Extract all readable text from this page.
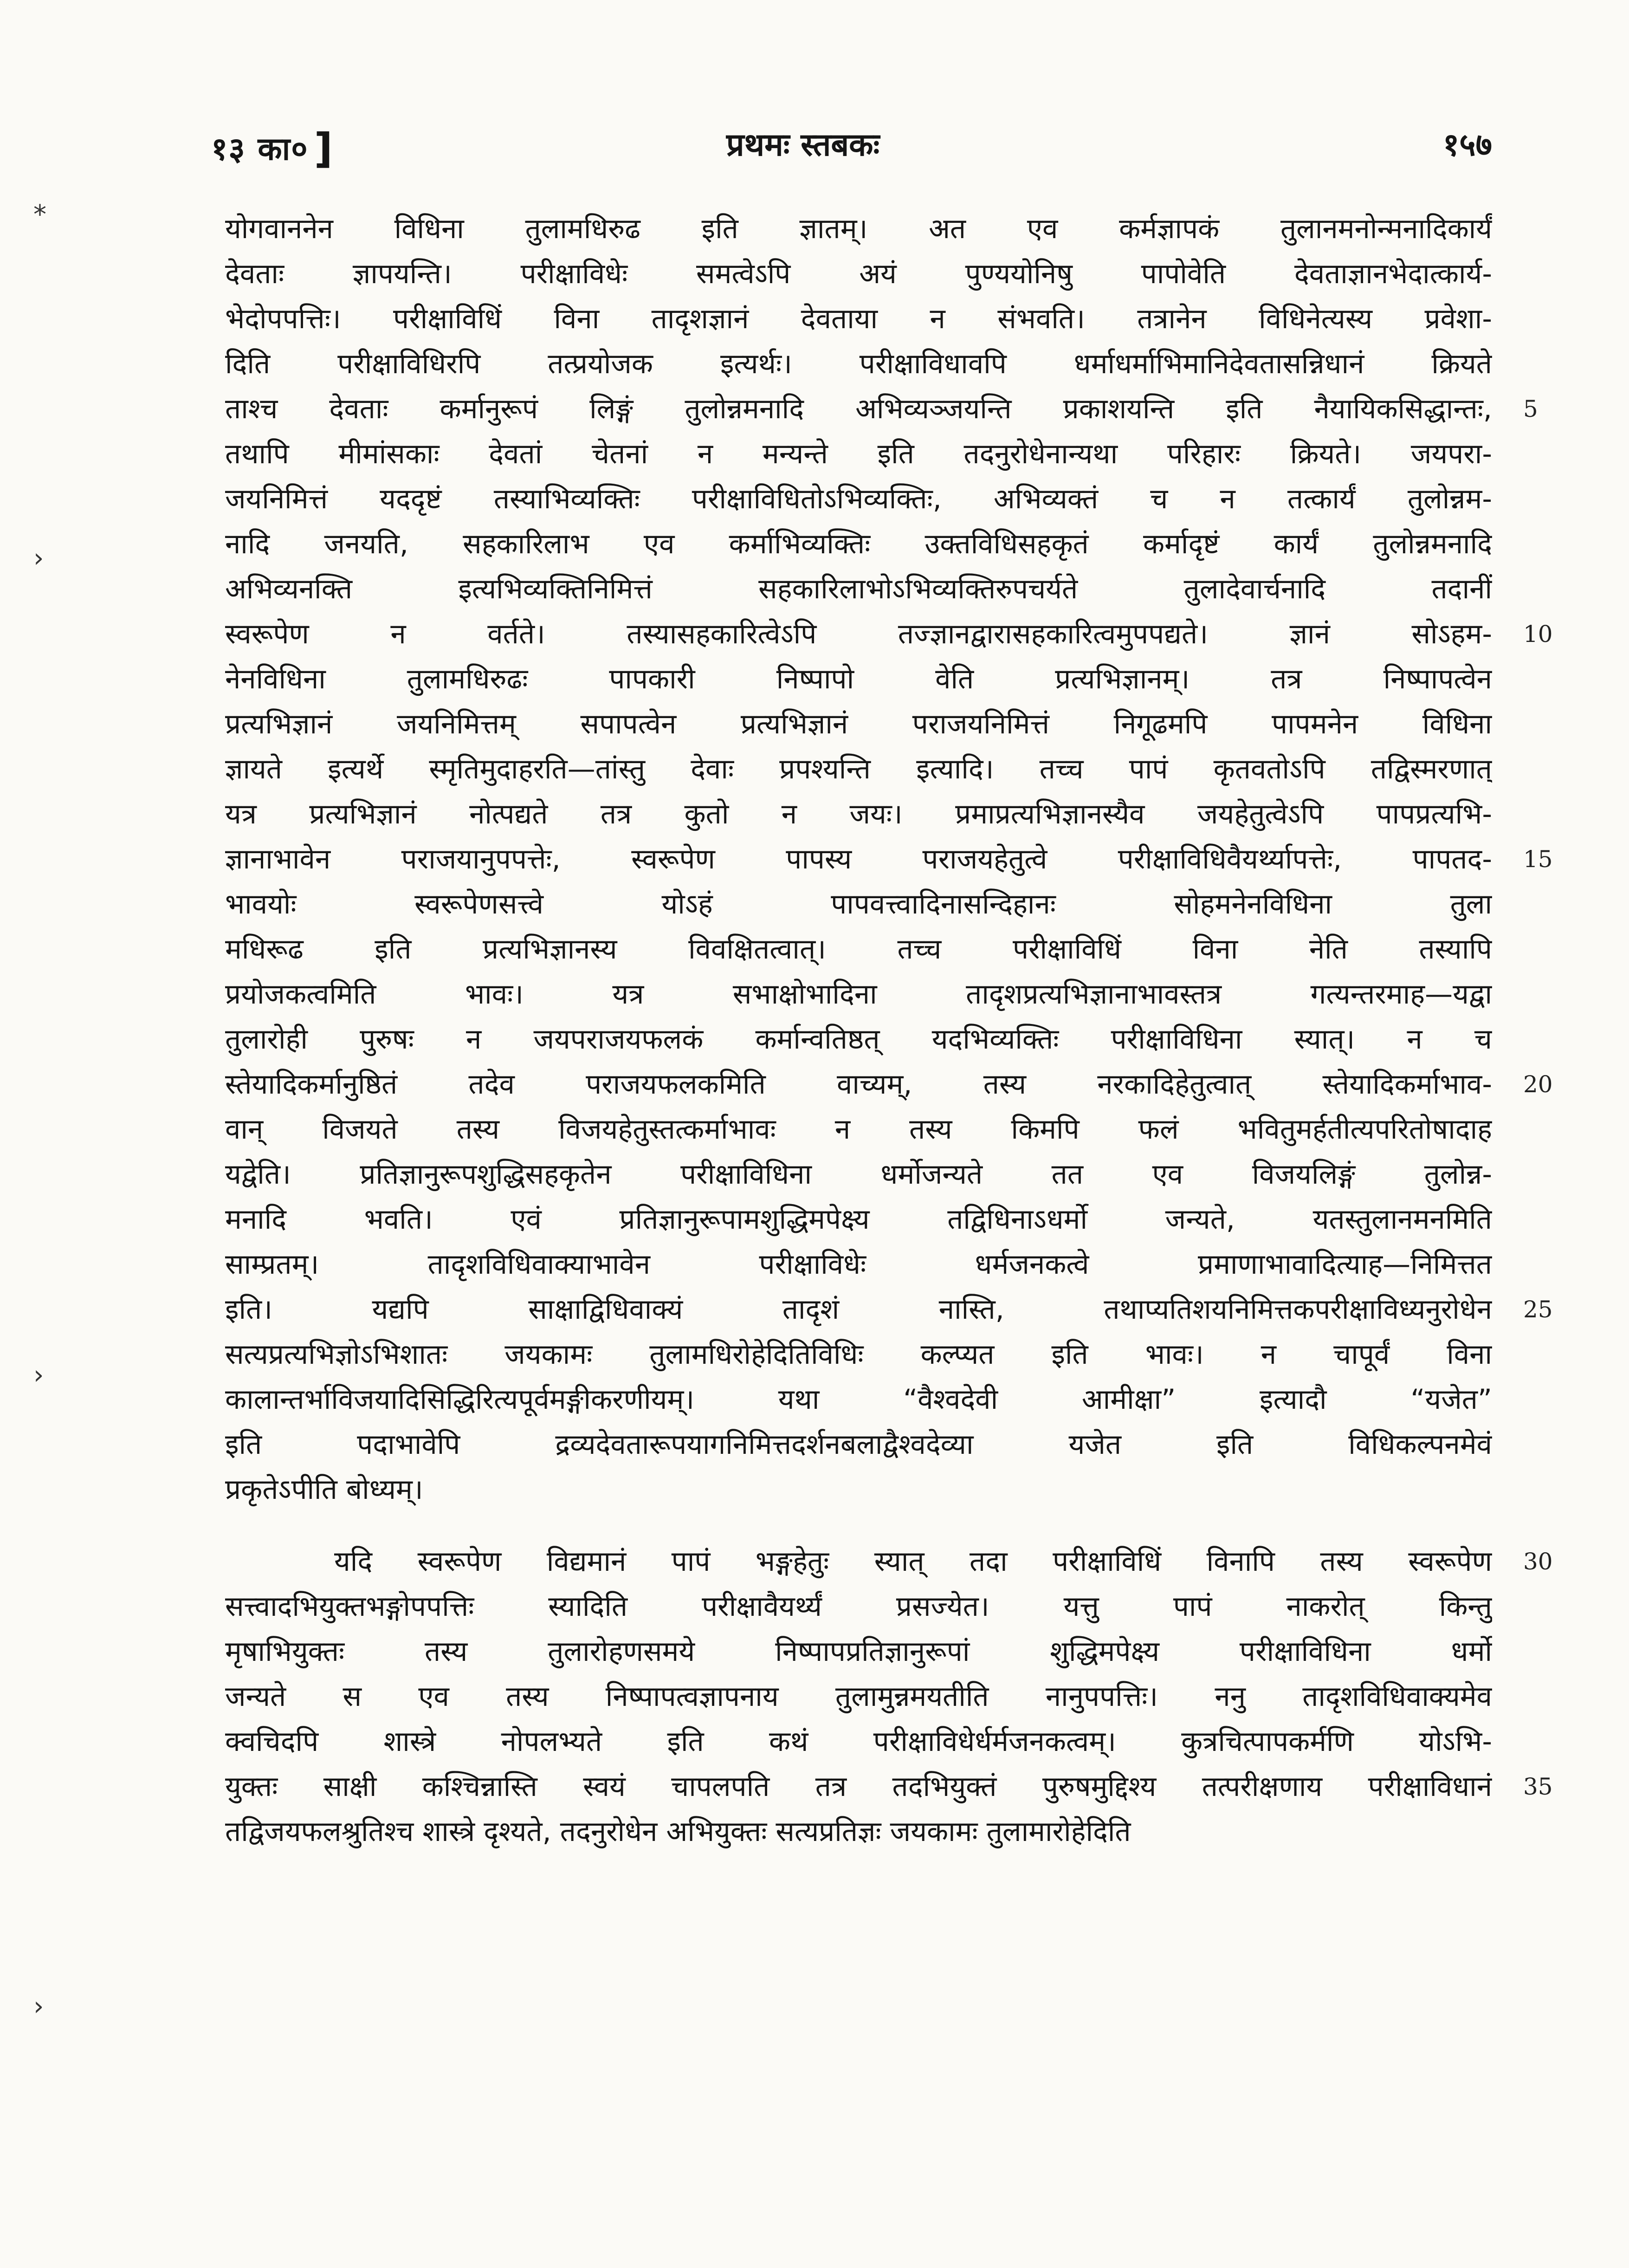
१३ का० ]	प्रथमः स्तबकः	१५७
योगवाननेन विधिना तुलामधिरुढ इति ज्ञातम्। अत एव कर्मज्ञापकं तुलानमनोन्मनादिकार्यं
देवताः ज्ञापयन्ति। परीक्षाविधेः समत्वेऽपि अयं पुण्ययोनिषु पापोवेति देवताज्ञानभेदात्कार्य-
भेदोपपत्तिः। परीक्षाविधिं विना तादृशज्ञानं देवताया न संभवति। तत्रानेन विधिनेत्यस्य प्रवेशा-
दिति परीक्षाविधिरपि तत्प्रयोजक इत्यर्थः। परीक्षाविधावपि धर्माधर्माभिमानिदेवतासन्निधानं क्रियते
ताश्च देवताः कर्मानुरूपं लिङ्गं तुलोन्नमनादि अभिव्यञ्जयन्ति प्रकाशयन्ति इति नैयायिकसिद्धान्तः,
तथापि मीमांसकाः देवतां चेतनां न मन्यन्ते इति तदनुरोधेनान्यथा परिहारः क्रियते। जयपरा-
जयनिमित्तं यददृष्टं तस्याभिव्यक्तिः परीक्षाविधितोऽभिव्यक्तिः, अभिव्यक्तं च न तत्कार्यं तुलोन्नम-
नादि जनयति, सहकारिलाभ एव कर्माभिव्यक्तिः उक्तविधिसहकृतं कर्मादृष्टं कार्यं तुलोन्नमनादि
अभिव्यनक्ति इत्यभिव्यक्तिनिमित्तं सहकारिलाभोऽभिव्यक्तिरुपचर्यते तुलादेवार्चनादि तदानीं
स्वरूपेण न वर्तते। तस्यासहकारित्वेऽपि तज्ज्ञानद्वारासहकारित्वमुपपद्यते। ज्ञानं सोऽहम-
नेनविधिना तुलामधिरुढः पापकारी निष्पापो वेति प्रत्यभिज्ञानम्। तत्र निष्पापत्वेन
प्रत्यभिज्ञानं जयनिमित्तम् सपापत्वेन प्रत्यभिज्ञानं पराजयनिमित्तं निगूढमपि पापमनेन विधिना
ज्ञायते इत्यर्थे स्मृतिमुदाहरति—तांस्तु देवाः प्रपश्यन्ति इत्यादि। तच्च पापं कृतवतोऽपि तद्विस्मरणात्
यत्र प्रत्यभिज्ञानं नोत्पद्यते तत्र कुतो न जयः। प्रमाप्रत्यभिज्ञानस्यैव जयहेतुत्वेऽपि पापप्रत्यभि-
ज्ञानाभावेन पराजयानुपपत्तेः, स्वरूपेण पापस्य पराजयहेतुत्वे परीक्षाविधिवैयर्थ्यापत्तेः, पापतद-
भावयोः स्वरूपेणसत्त्वे योऽहं पापवत्त्वादिनासन्दिहानः सोहमनेनविधिना तुला
मधिरूढ इति प्रत्यभिज्ञानस्य विवक्षितत्वात्। तच्च परीक्षाविधिं विना नेति तस्यापि
प्रयोजकत्वमिति भावः। यत्र सभाक्षोभादिना तादृशप्रत्यभिज्ञानाभावस्तत्र गत्यन्तरमाह—यद्वा
तुलारोही पुरुषः न जयपराजयफलकं कर्मान्वतिष्ठत् यदभिव्यक्तिः परीक्षाविधिना स्यात्। न च
स्तेयादिकर्मानुष्ठितं तदेव पराजयफलकमिति वाच्यम्, तस्य नरकादिहेतुत्वात् स्तेयादिकर्माभाव-
वान् विजयते तस्य विजयहेतुस्तत्कर्माभावः न तस्य किमपि फलं भवितुमर्हतीत्यपरितोषादाह
यद्वेति। प्रतिज्ञानुरूपशुद्धिसहकृतेन परीक्षाविधिना धर्मोजन्यते तत एव विजयलिङ्गं तुलोन्न-
मनादि भवति। एवं प्रतिज्ञानुरूपामशुद्धिमपेक्ष्य तद्विधिनाऽधर्मो जन्यते, यतस्तुलानमनमिति
साम्प्रतम्। तादृशविधिवाक्याभावेन परीक्षाविधेः धर्मजनकत्वे प्रमाणाभावादित्याह—निमित्तत
इति। यद्यपि साक्षाद्विधिवाक्यं तादृशं नास्ति, तथाप्यतिशयनिमित्तकपरीक्षाविध्यनुरोधेन
सत्यप्रत्यभिज्ञोऽभिशातः जयकामः तुलामधिरोहेदितिविधिः कल्प्यत इति भावः। न चापूर्वं विना
कालान्तर्भाविजयादिसिद्धिरित्यपूर्वमङ्गीकरणीयम्। यथा “वैश्वदेवी आमीक्षा” इत्यादौ “यजेत”
इति पदाभावेपि द्रव्यदेवतारूपयागनिमित्तदर्शनबलाद्वैश्वदेव्या यजेत इति विधिकल्पनमेवं
प्रकृतेऽपीति बोध्यम्।
यदि स्वरूपेण विद्यमानं पापं भङ्गहेतुः स्यात् तदा परीक्षाविधिं विनापि तस्य स्वरूपेण
सत्त्वादभियुक्तभङ्गोपपत्तिः स्यादिति परीक्षावैयर्थ्यं प्रसज्येत। यत्तु पापं नाकरोत् किन्तु
मृषाभियुक्तः तस्य तुलारोहणसमये निष्पापप्रतिज्ञानुरूपां शुद्धिमपेक्ष्य परीक्षाविधिना धर्मो
जन्यते स एव तस्य निष्पापत्वज्ञापनाय तुलामुन्नमयतीति नानुपपत्तिः। ननु तादृशविधिवाक्यमेव
क्वचिदपि शास्त्रे नोपलभ्यते इति कथं परीक्षाविधेर्धर्मजनकत्वम्। कुत्रचित्पापकर्मणि योऽभि-
युक्तः साक्षी कश्चिन्नास्ति स्वयं चापलपति तत्र तदभियुक्तं पुरुषमुद्दिश्य तत्परीक्षणाय परीक्षाविधानं
तद्विजयफलश्रुतिश्च शास्त्रे दृश्यते, तदनुरोधेन अभियुक्तः सत्यप्रतिज्ञः जयकामः तुलामारोहेदिति
5
10
15
20
25
30
35
*
›
›
›
